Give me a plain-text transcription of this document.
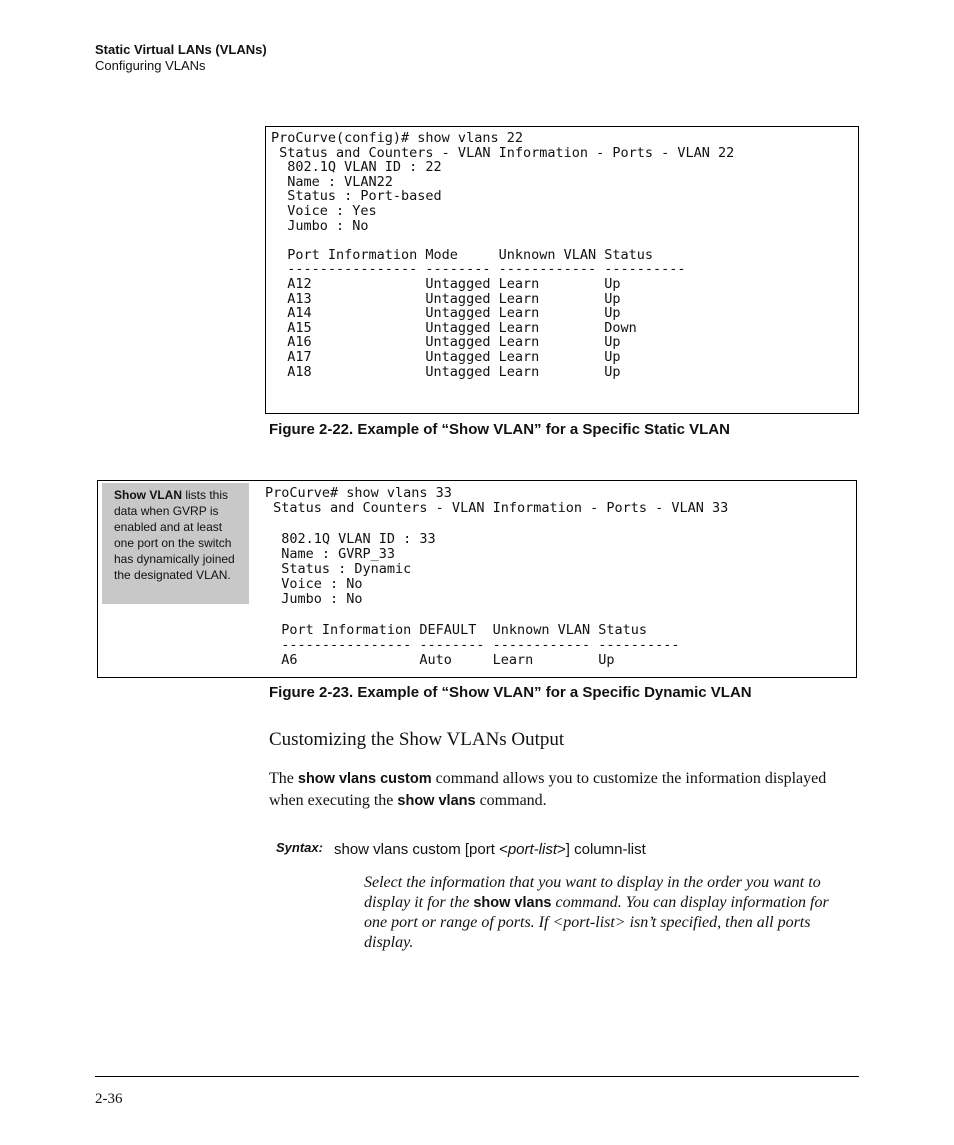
Static Virtual LANs (VLANs)
Configuring VLANs
ProCurve(config)# show vlans 22
Status and Counters - VLAN Information - Ports - VLAN 22
802.1Q VLAN ID : 22
Name : VLAN22
Status : Port-based
Voice : Yes
Jumbo : No
Port Information Mode     Unknown VLAN Status
---------------- -------- ------------ ----------
A12              Untagged Learn        Up
A13              Untagged Learn        Up
A14              Untagged Learn        Up
A15              Untagged Learn        Down
A16              Untagged Learn        Up
A17              Untagged Learn        Up
A18              Untagged Learn        Up
Figure 2-22. Example of “Show VLAN” for a Specific Static VLAN
ProCurve# show vlans 33
Status and Counters - VLAN Information - Ports - VLAN 33
802.1Q VLAN ID : 33
Name : GVRP_33
Status : Dynamic
Voice : No
Jumbo : No
Port Information DEFAULT  Unknown VLAN Status
---------------- -------- ------------ ----------
A6               Auto     Learn        Up
Show VLAN lists this data when GVRP is enabled and at least one port on the switch has dynamically joined the designated VLAN.
Figure 2-23. Example of “Show VLAN” for a Specific Dynamic VLAN
Customizing the Show VLANs Output
The show vlans custom command allows you to customize the information displayed when executing the show vlans command.
Syntax: show vlans custom [port <port-list>] column-list
Select the information that you want to display in the order you want to display it for the show vlans command. You can display information for one port or range of ports. If <port-list> isn’t specified, then all ports display.
2-36
